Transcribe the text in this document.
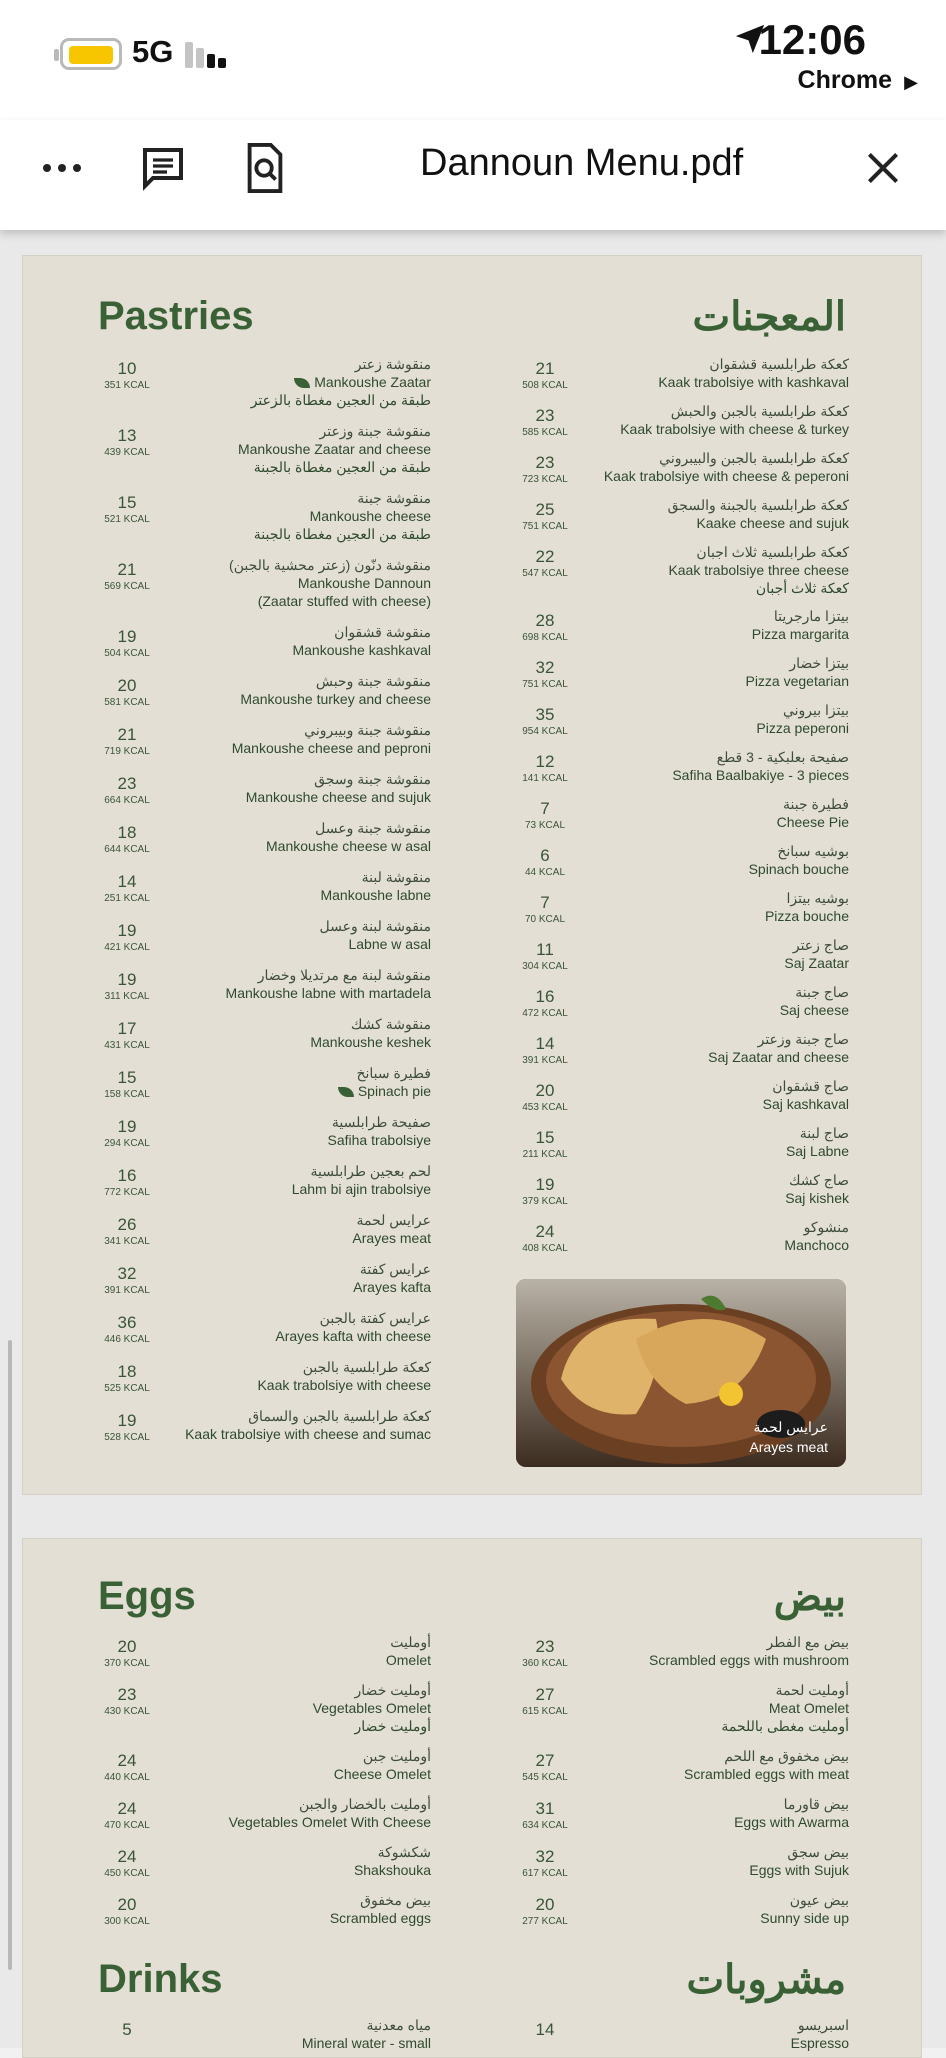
5G	12:06
Chrome ▶
Dannoun Menu.pdf
Pastries	المعجنات
10
351 KCAL
منقوشة زعتر
Mankoushe Zaatar
طبقة من العجين مغطاة بالزعتر
13
439 KCAL
منقوشة جبنة وزعتر
Mankoushe Zaatar and cheese
طبقة من العجين مغطاة بالجبنة
15
521 KCAL
منقوشة جبنة
Mankoushe cheese
طبقة من العجين مغطاة بالجبنة
21
569 KCAL
منقوشة دنّون (زعتر محشية بالجبن)
Mankoushe Dannoun
(Zaatar stuffed with cheese)
19
504 KCAL
منقوشة قشقوان
Mankoushe kashkaval
20
581 KCAL
منقوشة جبنة وحبش
Mankoushe turkey and cheese
21
719 KCAL
منقوشة جبنة وبيبروني
Mankoushe cheese and peproni
23
664 KCAL
منقوشة جبنة وسجق
Mankoushe cheese and sujuk
18
644 KCAL
منقوشة جبنة وعسل
Mankoushe cheese w asal
14
251 KCAL
منقوشة لبنة
Mankoushe labne
19
421 KCAL
منقوشة لبنة وعسل
Labne w asal
19
311 KCAL
منقوشة لبنة مع مرتديلا وخضار
Mankoushe labne with martadela
17
431 KCAL
منقوشة كشك
Mankoushe keshek
15
158 KCAL
فطيرة سبانخ
Spinach pie
19
294 KCAL
صفيحة طرابلسية
Safiha trabolsiye
16
772 KCAL
لحم بعجين طرابلسية
Lahm bi ajin trabolsiye
26
341 KCAL
عرايس لحمة
Arayes meat
32
391 KCAL
عرايس كفتة
Arayes kafta
36
446 KCAL
عرايس كفتة بالجبن
Arayes kafta with cheese
18
525 KCAL
كعكة طرابلسية بالجبن
Kaak trabolsiye with cheese
19
528 KCAL
كعكة طرابلسية بالجبن والسماق
Kaak trabolsiye with cheese and sumac
21
508 KCAL
كعكة طرابلسية قشقوان
Kaak trabolsiye with kashkaval
23
585 KCAL
كعكة طرابلسية بالجبن والحبش
Kaak trabolsiye with cheese & turkey
23
723 KCAL
كعكة طرابلسية بالجبن والبيبروني
Kaak trabolsiye with cheese & peperoni
25
751 KCAL
كعكة طرابلسية بالجبنة والسجق
Kaake cheese and sujuk
22
547 KCAL
كعكة طرابلسية ثلاث اجبان
Kaak trabolsiye three cheese
كعكة ثلاث أجبان
28
698 KCAL
بيتزا مارجريتا
Pizza margarita
32
751 KCAL
بيتزا خضار
Pizza vegetarian
35
954 KCAL
بيتزا بيروني
Pizza peperoni
12
141 KCAL
صفيحة بعلبكية - 3 قطع
Safiha Baalbakiye - 3 pieces
7
73 KCAL
فطيرة جبنة
Cheese Pie
6
44 KCAL
بوشيه سبانخ
Spinach bouche
7
70 KCAL
بوشيه بيتزا
Pizza bouche
11
304 KCAL
صاج زعتر
Saj Zaatar
16
472 KCAL
صاج جبنة
Saj cheese
14
391 KCAL
صاج جبنة وزعتر
Saj Zaatar and cheese
20
453 KCAL
صاج قشقوان
Saj kashkaval
15
211 KCAL
صاج لبنة
Saj Labne
19
379 KCAL
صاج كشك
Saj kishek
24
408 KCAL
منشوكو
Manchoco
عرايس لحمة
Arayes meat
Eggs	بيض
20
370 KCAL
أومليت
Omelet
23
430 KCAL
أومليت خضار
Vegetables Omelet
أومليت خضار
24
440 KCAL
أومليت جبن
Cheese Omelet
24
470 KCAL
أومليت بالخضار والجبن
Vegetables Omelet With Cheese
24
450 KCAL
شكشوكة
Shakshouka
20
300 KCAL
بيض مخفوق
Scrambled eggs
23
360 KCAL
بيض مع الفطر
Scrambled eggs with mushroom
27
615 KCAL
أومليت لحمة
Meat Omelet
أومليت مغطى باللحمة
27
545 KCAL
بيض مخفوق مع اللحم
Scrambled eggs with meat
31
634 KCAL
بيض قاورما
Eggs with Awarma
32
617 KCAL
بيض سجق
Eggs with Sujuk
20
277 KCAL
بيض عيون
Sunny side up
Drinks	مشروبات
5	مياه معدنية
Mineral water - small
14	اسبريسو
Espresso
